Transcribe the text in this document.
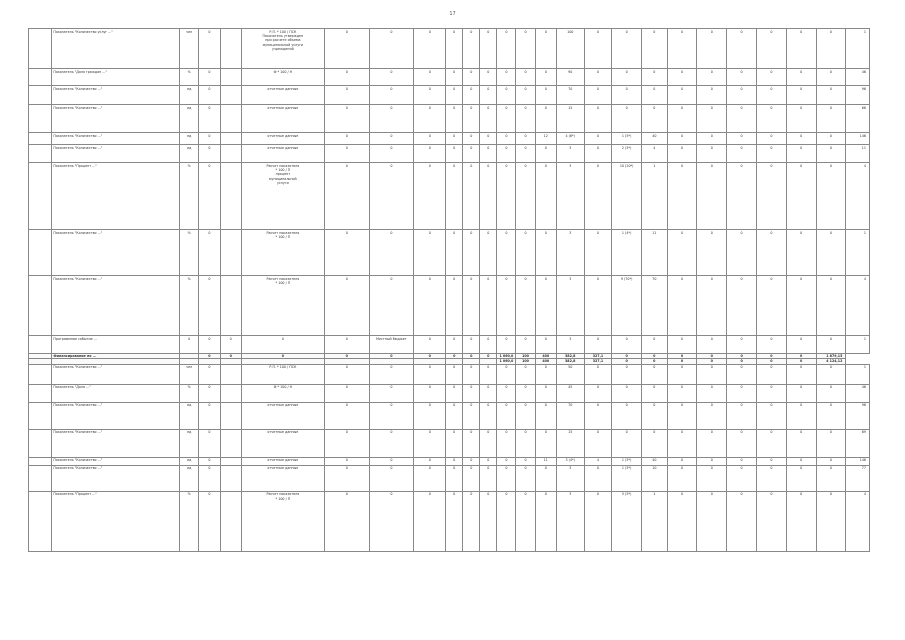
17
	Показатель "Количество услуг ..."	чел	0		Р.П. * 100 / ПСК
Показатель утвержден
при расчете объема
муниципальной услуги
учреждений	0	0	0	0	0	0	0	0	0	100	0	0	0	0	0	0	0	0	0	1
	Показатель "Доля граждан ..."	%	0		Ф * 100 / Н	0	0	0	0	0	0	0	0	0	90	0	0	0	0	0	0	0	0	0	46
	Показатель "Количество ..."	ед	0		отчетные данные	0	0	0	0	0	0	0	0	0	70	0	0	0	0	0	0	0	0	0	96
	Показатель "Количество ..."	ед	0		отчетные данные	0	0	0	0	0	0	0	0	0	15	0	0	0	0	0	0	0	0	0	66
	Показатель "Количество ..."	ед	0		отчетные данные	0	0	0	0	0	0	0	0	12	4 (6*)	0	1 (5*)	40	0	0	0	0	0	0	146
	Показатель "Количество ..."	ед	0		отчетные данные	0	0	0	0	0	0	0	0	0	3	0	2 (5*)	4	0	0	0	0	0	0	11
	Показатель "Процент ..."	%	0		Расчет показателя
* 100 / П
процент
муниципальной
услуги	0	0	0	0	0	0	0	0	0	3	0	10 (20*)	1	0	0	0	0	0	0	4
	Показатель "Количество ..."	%	0		Расчет показателя
* 100 / П	0	0	0	0	0	0	0	0	0	3	0	1 (4*)	11	0	0	0	0	0	0	1
	Показатель "Количество ..."	%	0		Расчет показателя
* 100 / П	0	0	0	0	0	0	0	0	0	3	0	9 (70*)	70	0	0	0	0	0	0	4
	Программное событие ...	0	0	0	0	0	Местный бюджет	0	0	0	0	0	0	0	3	0	0	0	0	0	0	0	0	0	1
	Финансирование по ...		0	0	0	0	0	0	0	0	0	1 060,0	100	400	382,8	327,1	0	0	0	0	0	0	0	1 879,15	
												1 060,0	100	400	382,8	327,1	0	0	0	0	0	0	0	4 124,12	
	Показатель "Количество ..."	чел	0		Р.П. * 100 / ПСК	0	0	0	0	0	0	0	0	0	50	0	0	0	0	0	0	0	0	0	1
	Показатель "Доля ..."	%	0		Ф * 100 / Н	0	0	0	0	0	0	0	0	0	45	0	0	0	0	0	0	0	0	0	46
	Показатель "Количество ..."	ед	0		отчетные данные	0	0	0	0	0	0	0	0	0	70	0	0	0	0	0	0	0	0	0	96
	Показатель "Количество ..."	ед	0		отчетные данные	0	0	0	0	0	0	0	0	0	15	0	0	0	0	0	0	0	0	0	69
	Показатель "Количество ..."	ед	0		отчетные данные	0	0	0	0	0	0	0	0	11	3 (4*)	4	1 (5*)	40	0	0	0	0	0	0	146
	Показатель "Количество ..."	ед	0		отчетные данные	0	0	0	0	0	0	0	0	0	3	0	1 (5*)	10	0	0	0	0	0	0	77
	Показатель "Процент ..."	%	0		Расчет показателя
* 100 / П	0	0	0	0	0	0	0	0	0	3	0	5 (5*)	1	0	0	0	0	0	0	4
